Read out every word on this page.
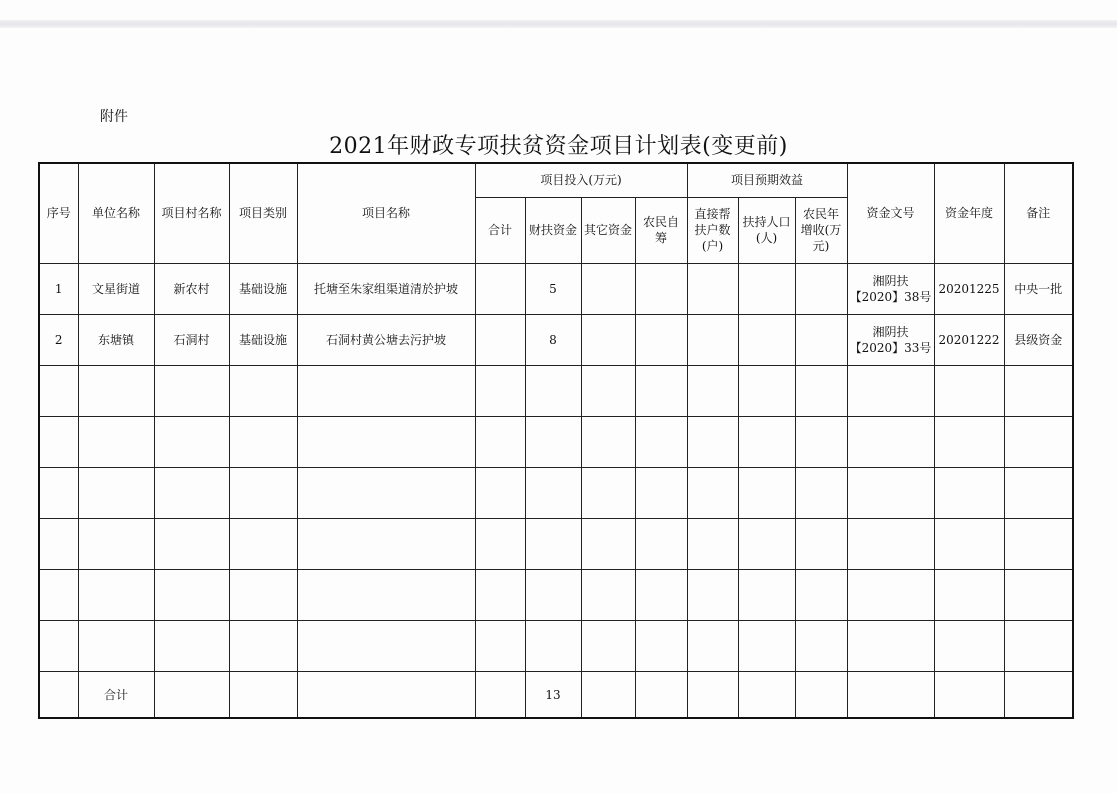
附件
2021年财政专项扶贫资金项目计划表(变更前)
序号	单位名称	项目村名称	项目类别	项目名称	项目投入(万元)				项目预期效益			资金文号	资金年度	备注
					合计	财扶资金	其它资金	农民自筹	直接帮扶户数(户)	扶持人口(人)	农民年增收(万元)			
1	文星街道	新农村	基础设施	托塘至朱家组渠道清於护坡		5						湘阴扶【2020】38号	20201225	中央一批
2	东塘镇	石洞村	基础设施	石洞村黄公塘去污护坡		8						湘阴扶【2020】33号	20201222	县级资金

	合计					13								
